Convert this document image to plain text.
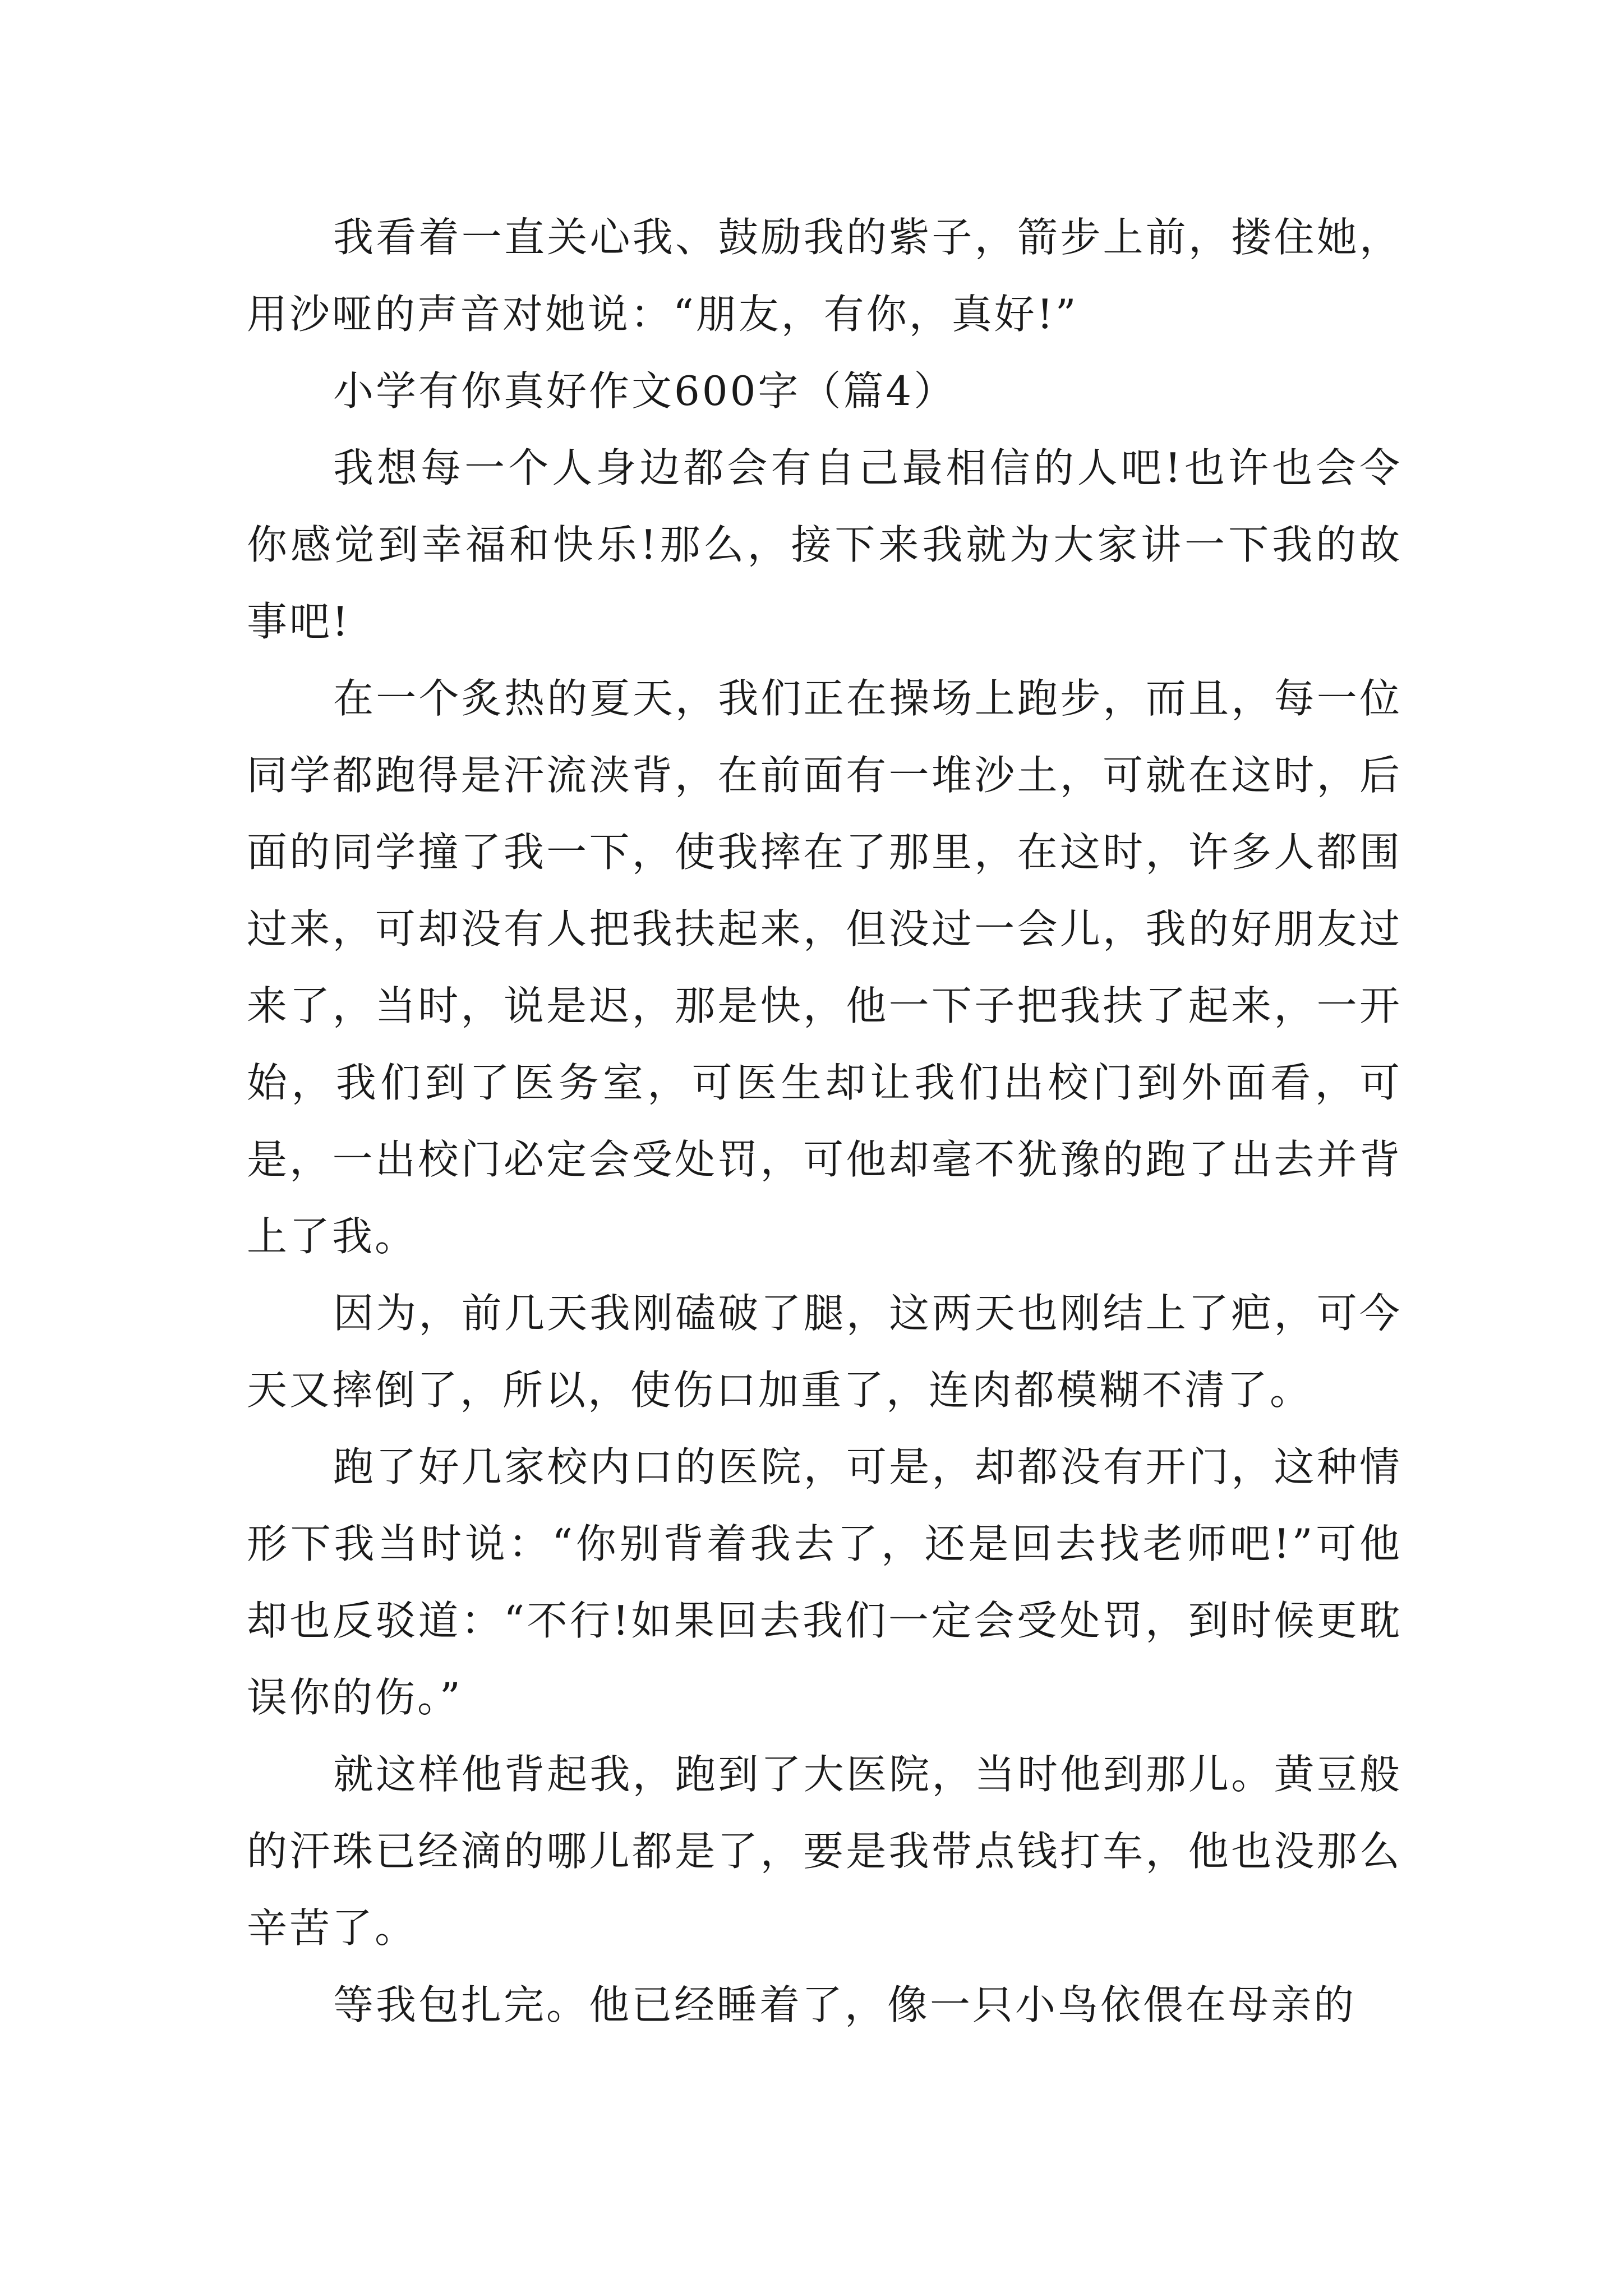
我看着一直关心我、鼓励我的紫子，箭步上前，搂住她，用沙哑的声音对她说：“朋友，有你，真好!”

小学有你真好作文600字（篇4）

我想每一个人身边都会有自己最相信的人吧!也许也会令你感觉到幸福和快乐!那么，接下来我就为大家讲一下我的故事吧!

在一个炙热的夏天，我们正在操场上跑步，而且，每一位同学都跑得是汗流浃背，在前面有一堆沙土，可就在这时，后面的同学撞了我一下，使我摔在了那里，在这时，许多人都围过来，可却没有人把我扶起来，但没过一会儿，我的好朋友过来了，当时，说是迟，那是快，他一下子把我扶了起来，一开始，我们到了医务室，可医生却让我们出校门到外面看，可是，一出校门必定会受处罚，可他却毫不犹豫的跑了出去并背上了我。

因为，前几天我刚磕破了腿，这两天也刚结上了疤，可今天又摔倒了，所以，使伤口加重了，连肉都模糊不清了。

跑了好几家校内口的医院，可是，却都没有开门，这种情形下我当时说：“你别背着我去了，还是回去找老师吧!”可他却也反驳道：“不行!如果回去我们一定会受处罚，到时候更耽误你的伤。”

就这样他背起我，跑到了大医院，当时他到那儿。黄豆般的汗珠已经滴的哪儿都是了，要是我带点钱打车，他也没那么辛苦了。

等我包扎完。他已经睡着了，像一只小鸟依偎在母亲的
